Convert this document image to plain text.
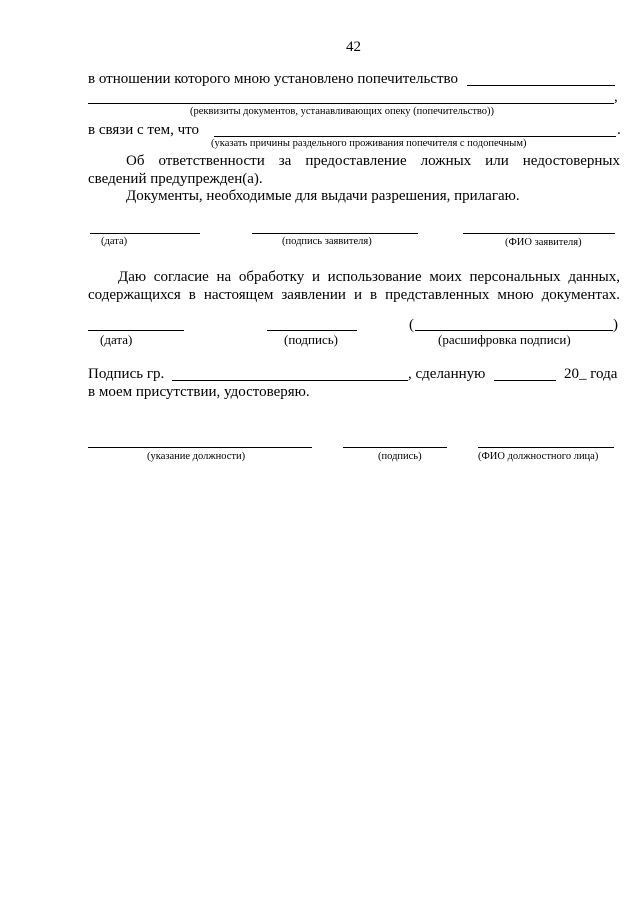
42
в отношении которого мною установлено попечительство
,
(реквизиты документов, устанавливающих опеку (попечительство))
в связи с тем, что	.
(указать причины раздельного проживания попечителя с подопечным)
Об ответственности за предоставление ложных или недостоверных
сведений предупрежден(а).
Документы, необходимые для выдачи разрешения, прилагаю.
(дата)	(подпись заявителя)	(ФИО заявителя)
Даю согласие на обработку и использование моих персональных данных,
содержащихся в настоящем заявлении и в представленных мною документах.
(	)
(дата)	(подпись)	(расшифровка подписи)
Подпись гр.	, сделанную	20_ года
в моем присутствии, удостоверяю.
(указание должности)	(подпись)	(ФИО должностного лица)
